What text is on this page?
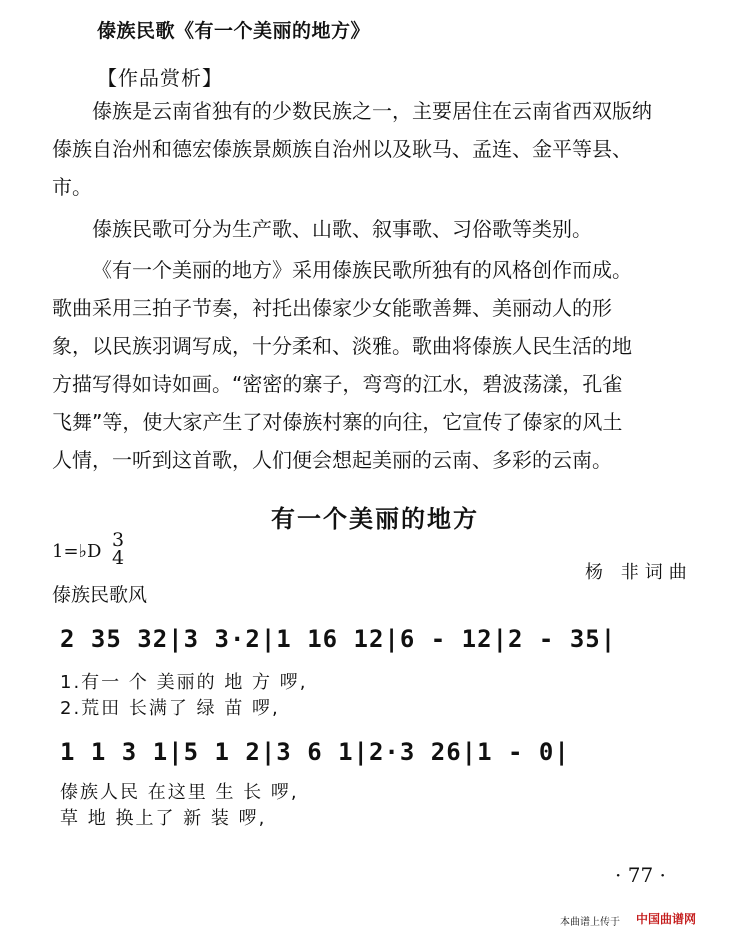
傣族民歌《有一个美丽的地方》
【作品赏析】

傣族是云南省独有的少数民族之一，主要居住在云南省西双版纳

傣族自治州和德宏傣族景颇族自治州以及耿马、孟连、金平等县、

市。

傣族民歌可分为生产歌、山歌、叙事歌、习俗歌等类别。

《有一个美丽的地方》采用傣族民歌所独有的风格创作而成。

歌曲采用三拍子节奏，衬托出傣家少女能歌善舞、美丽动人的形

象，以民族羽调写成，十分柔和、淡雅。歌曲将傣族人民生活的地

方描写得如诗如画。“密密的寨子，弯弯的江水，碧波荡漾，孔雀

飞舞”等，使大家产生了对傣族村寨的向往，它宣传了傣家的风土

人情，一听到这首歌，人们便会想起美丽的云南、多彩的云南。

有一个美丽的地方
1=♭D
3
4
杨 非词曲
傣族民歌风
2 35 32|3 3·2|1 16 12|6 - 12|2 - 35|
1.有一 个 美丽的 地 方 啰,
2.荒田 长满了 绿 苗 啰,
1 1 3 1|5 1 2|3 6 1|2·3 26|1 - 0|
傣族人民 在这里 生 长 啰,
草 地 换上了 新 装 啰,
· 77 ·
本曲谱上传于 中国曲谱网
